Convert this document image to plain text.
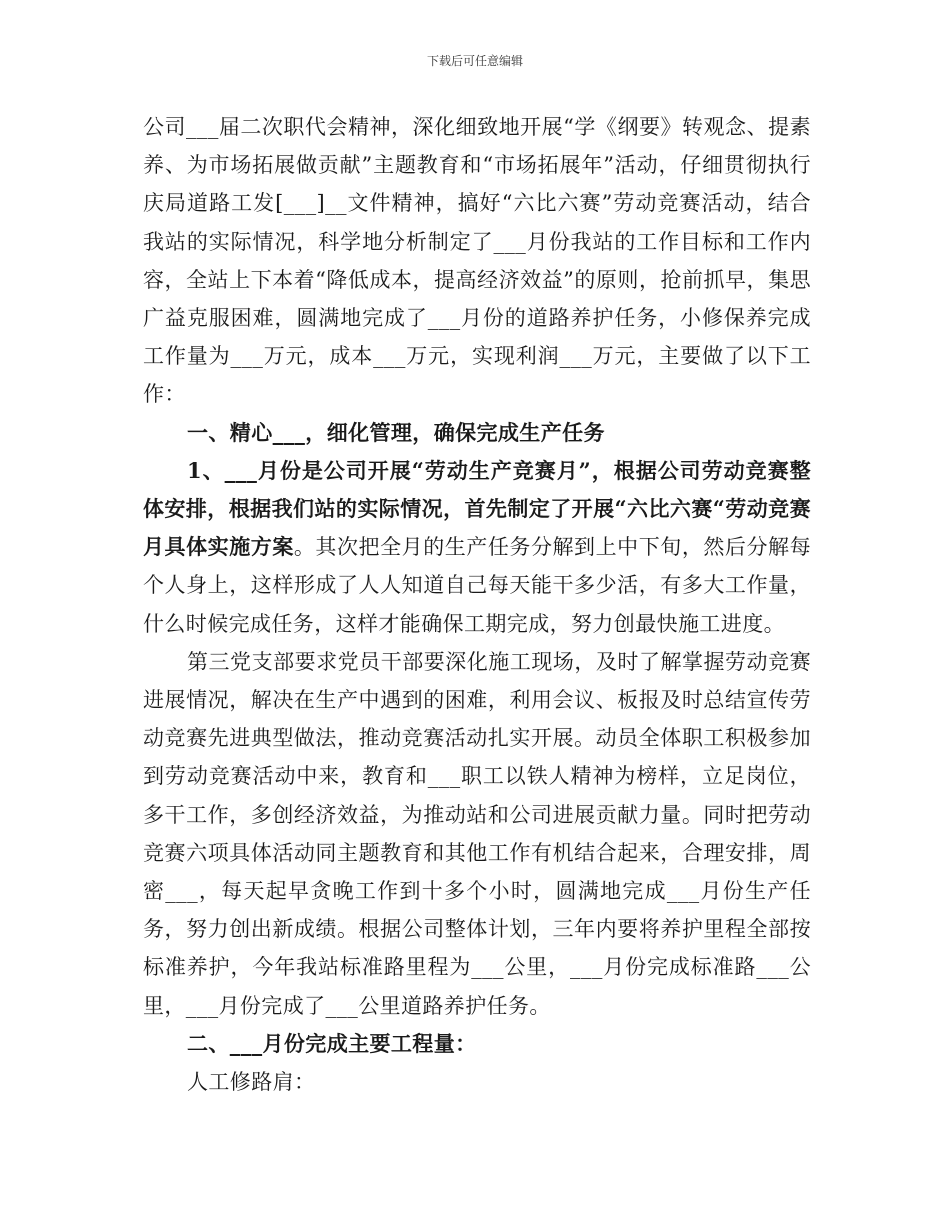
下载后可任意编辑

公司___届二次职代会精神，深化细致地开展“学《纲要》转观念、提素养、为市场拓展做贡献”主题教育和“市场拓展年”活动，仔细贯彻执行庆局道路工发[___]__文件精神，搞好“六比六赛”劳动竞赛活动，结合我站的实际情况，科学地分析制定了___月份我站的工作目标和工作内容，全站上下本着“降低成本，提高经济效益”的原则，抢前抓早，集思广益克服困难，圆满地完成了___月份的道路养护任务，小修保养完成工作量为___万元，成本___万元，实现利润___万元，主要做了以下工作：

一、精心___，细化管理，确保完成生产任务

1、___月份是公司开展“劳动生产竞赛月”，根据公司劳动竞赛整体安排，根据我们站的实际情况，首先制定了开展“六比六赛“劳动竞赛月具体实施方案。其次把全月的生产任务分解到上中下旬，然后分解每个人身上，这样形成了人人知道自己每天能干多少活，有多大工作量，什么时候完成任务，这样才能确保工期完成，努力创最快施工进度。

第三党支部要求党员干部要深化施工现场，及时了解掌握劳动竞赛进展情况，解决在生产中遇到的困难，利用会议、板报及时总结宣传劳动竞赛先进典型做法，推动竞赛活动扎实开展。动员全体职工积极参加到劳动竞赛活动中来，教育和___职工以铁人精神为榜样，立足岗位，多干工作，多创经济效益，为推动站和公司进展贡献力量。同时把劳动竞赛六项具体活动同主题教育和其他工作有机结合起来，合理安排，周密___，每天起早贪晚工作到十多个小时，圆满地完成___月份生产任务，努力创出新成绩。根据公司整体计划，三年内要将养护里程全部按标准养护，今年我站标准路里程为___公里，___月份完成标准路___公里，___月份完成了___公里道路养护任务。

二、___月份完成主要工程量：

人工修路肩：
